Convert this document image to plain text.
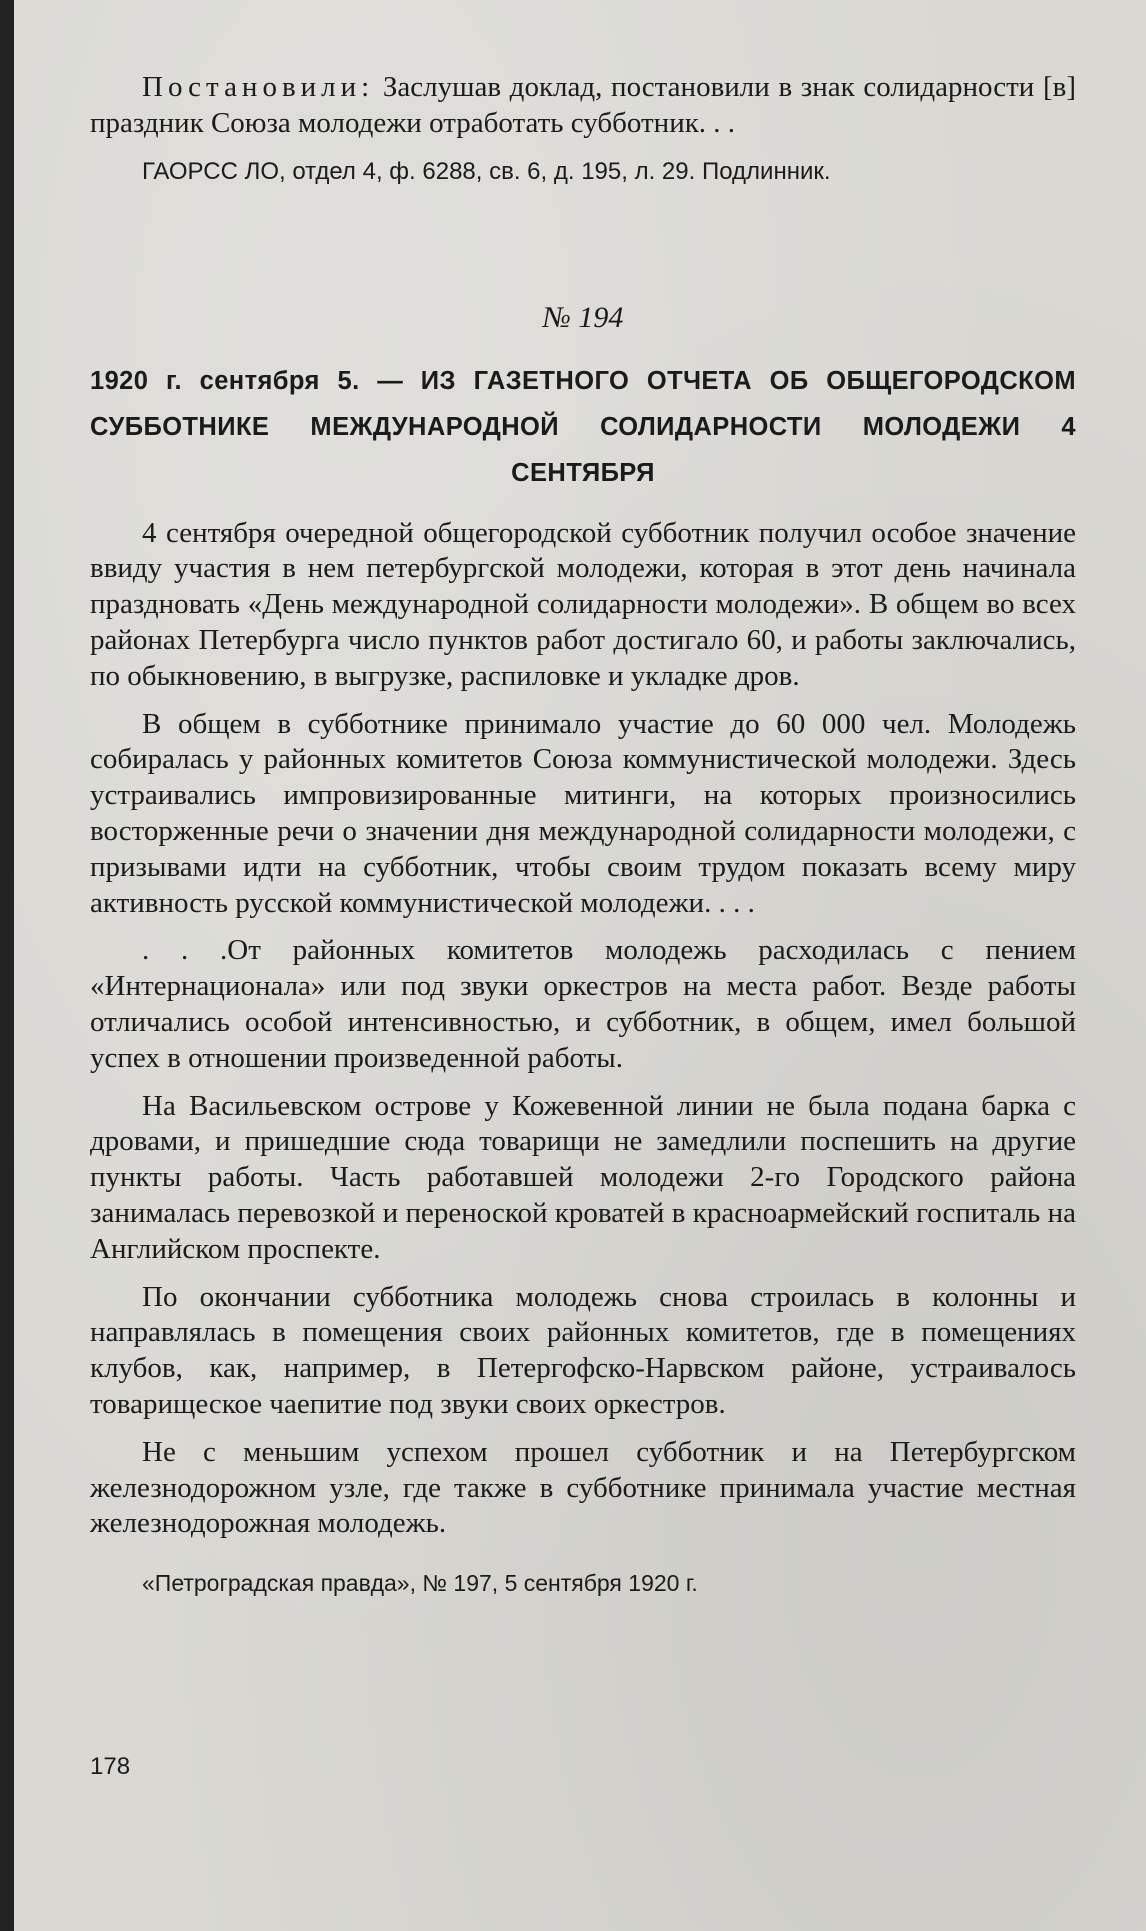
Постановили: Заслушав доклад, постановили в знак солидарности [в] праздник Союза молодежи отработать субботник. . .

ГАОРСС ЛО, отдел 4, ф. 6288, св. 6, д. 195, л. 29. Подлинник.

№ 194
1920 г. сентября 5. — ИЗ ГАЗЕТНОГО ОТЧЕТА ОБ ОБЩЕГОРОДСКОМ СУББОТНИКЕ МЕЖДУНАРОДНОЙ СОЛИДАРНОСТИ МОЛОДЕЖИ 4 СЕНТЯБРЯ

4 сентября очередной общегородской субботник получил особое значение ввиду участия в нем петербургской молодежи, которая в этот день начинала праздновать «День международной солидарности молодежи». В общем во всех районах Петербурга число пунктов работ достигало 60, и работы заключались, по обыкновению, в выгрузке, распиловке и укладке дров.

В общем в субботнике принимало участие до 60 000 чел. Молодежь собиралась у районных комитетов Союза коммунистической молодежи. Здесь устраивались импровизированные митинги, на которых произносились восторженные речи о значении дня международной солидарности молодежи, с призывами идти на субботник, чтобы своим трудом показать всему миру активность русской коммунистической молодежи. . . .

. . .От районных комитетов молодежь расходилась с пением «Интернационала» или под звуки оркестров на места работ. Везде работы отличались особой интенсивностью, и субботник, в общем, имел большой успех в отношении произведенной работы.

На Васильевском острове у Кожевенной линии не была подана барка с дровами, и пришедшие сюда товарищи не замедлили поспешить на другие пункты работы. Часть работавшей молодежи 2-го Городского района занималась перевозкой и переноской кроватей в красноармейский госпиталь на Английском проспекте.

По окончании субботника молодежь снова строилась в колонны и направлялась в помещения своих районных комитетов, где в помещениях клубов, как, например, в Петергофско-Нарвском районе, устраивалось товарищеское чаепитие под звуки своих оркестров.

Не с меньшим успехом прошел субботник и на Петербургском железнодорожном узле, где также в субботнике принимала участие местная железнодорожная молодежь.

«Петроградская правда», № 197, 5 сентября 1920 г.

178
